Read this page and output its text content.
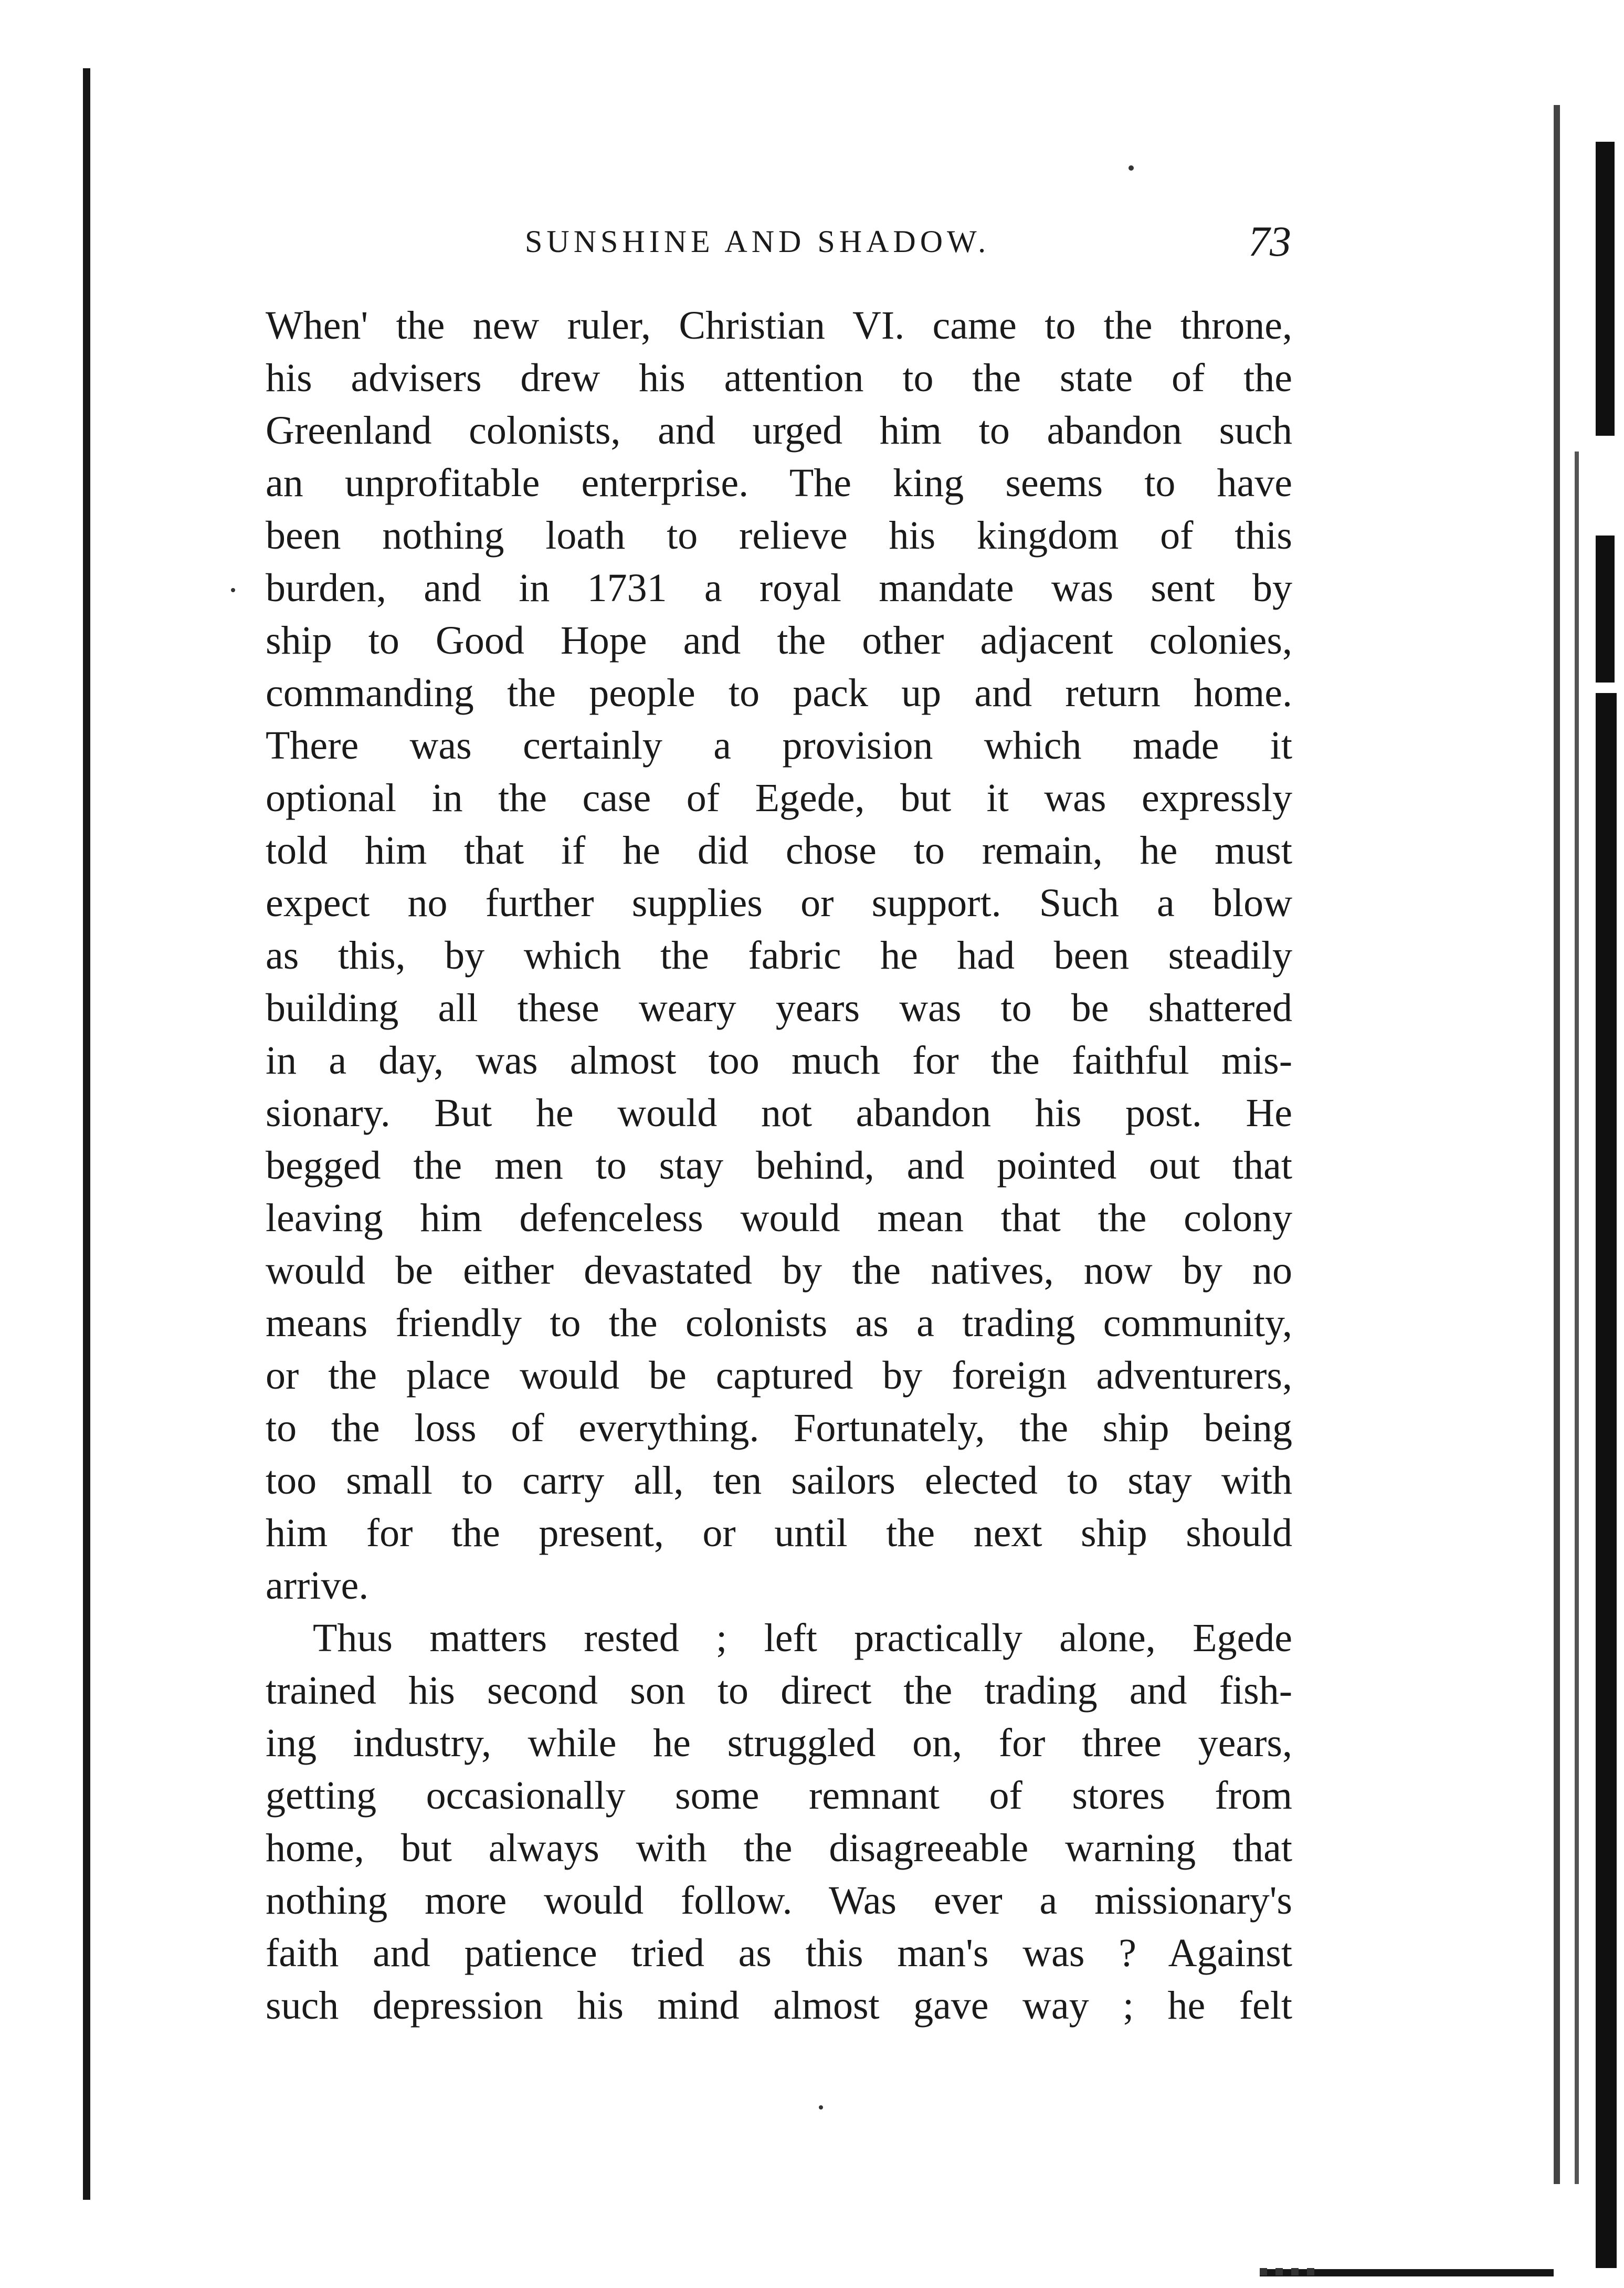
SUNSHINE AND SHADOW.	73
When' the new ruler, Christian VI. came to the throne,
his advisers drew his attention to the state of the
Greenland colonists, and urged him to abandon such
an unprofitable enterprise. The king seems to have
been nothing loath to relieve his kingdom of this
burden, and in 1731 a royal mandate was sent by
ship to Good Hope and the other adjacent colonies,
commanding the people to pack up and return home.
There was certainly a provision which made it
optional in the case of Egede, but it was expressly
told him that if he did chose to remain, he must
expect no further supplies or support. Such a blow
as this, by which the fabric he had been steadily
building all these weary years was to be shattered
in a day, was almost too much for the faithful mis-
sionary. But he would not abandon his post. He
begged the men to stay behind, and pointed out that
leaving him defenceless would mean that the colony
would be either devastated by the natives, now by no
means friendly to the colonists as a trading community,
or the place would be captured by foreign adventurers,
to the loss of everything. Fortunately, the ship being
too small to carry all, ten sailors elected to stay with
him for the present, or until the next ship should
arrive.
Thus matters rested ; left practically alone, Egede
trained his second son to direct the trading and fish-
ing industry, while he struggled on, for three years,
getting occasionally some remnant of stores from
home, but always with the disagreeable warning that
nothing more would follow. Was ever a missionary's
faith and patience tried as this man's was ? Against
such depression his mind almost gave way ; he felt
